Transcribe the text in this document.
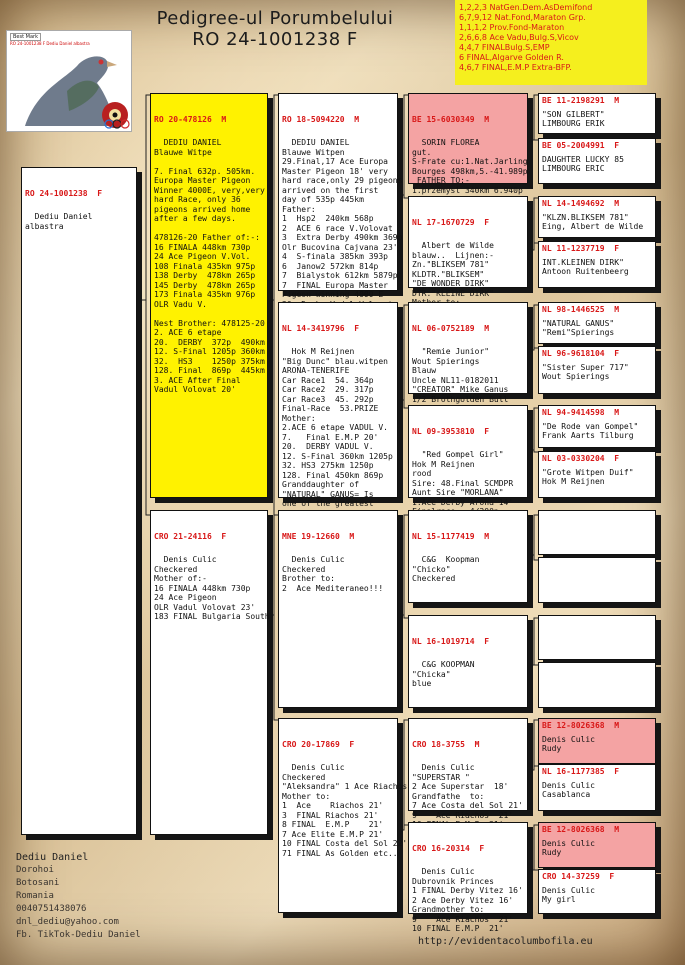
Pedigree-ul Porumbelului
RO 24-1001238 F
Best Mark
RO 24-1001238 F Dediu Daniel albastra
1,2,2,3 NatGen.Dem.AsDemifond
6,7,9,12 Nat.Fond,Maraton Grp.
1,1,1,2 Prov.Fond-Maraton
2,6,6,8 Ace Vadu,Bulg.S,Vicov
4,4,7 FINALBulg.S,EMP
6 FINAL,Algarve Golden R.
4,6,7 FINAL,E.M.P Extra-BFP.

RO 24-1001238  F

Dediu Daniel
albastra

RO 20-478126  M

DEDIU DANIEL
Blauwe Witpe

7. Final 632p. 505km.
Europa Master Pigeon
Winner 4000E, very,very
hard Race, only 36
pigeons arrived home
after a few days.

478126-20 Father of:-:
16 FINALA 448km 730p
24 Ace Pigeon V.Vol.
108 Finala 435km 975p
138 Derby  478km 265p
145 Derby  478km 265p
173 Finala 435km 976p
OLR Vadu V.

Nest Brother: 478125-20
2. ACE 6 etape
20.  DERBY  372p  490km
12. S-Final 1205p 360km
32.  HS3    1250p 375km
128. Final  869p  445km
3. ACE After Final
Vadul Volovat 20'

CRO 21-24116  F

Denis Culic
Checkered
Mother of:-
16 FINALA 448km 730p
24 Ace Pigeon
OLR Vadul Volovat 23'
183 FINAL Bulgaria South

RO 18-5094220  M

DEDIU DANIEL
Blauwe Witpen
29.Final,17 Ace Europa
Master Pigeon 18' very
hard race,only 29 pigeons
arrived on the first
day of 535p 445km
Father:
1  Hsp2  240km 568p
2  ACE 6 race V.Volovat
3  Extra Derby 490km 369p
Olr Bucovina Cajvana 23'
4  S-finala 385km 393p
6  Janow2 572km 814p
7  Bialystok 612km 5879p
7  FINAL Europa Master
Pigeon winning 4000 E

NL 14-3419796  F

Hok M Reijnen
"Big Dunc" blau.witpen
ARONA-TENERIFE
Car Race1  54. 364p
Car Race2  29. 317p
Car Race3  45. 292p
Final-Race  53.PRIZE
Mother:
2.ACE 6 etape VADUL V.
7.   Final E.M.P 20'
20.  DERBY VADUL V.
12. S-Final 360km 1205p
32. HS3 275km 1250p
128. Final 450km 869p
Granddaughter of
"NATURAL" GANUS= Is
one of the greatest

MNE 19-12660  M

Denis Culic
Checkered
Brother to:
2  Ace Mediteraneo!!!

CRO 20-17869  F

Denis Culic
Checkered
"Aleksandra" 1 Ace Riachos
Mother to:
1  Ace    Riachos 21'
3  FINAL Riachos 21'
8 FINAL  E.M.P    21'
7 Ace Elite E.M.P 21'
10 FINAL Costa del Sol 22'
71 FINAL As Golden etc..

BE 15-6030349  M

SORIN FLOREA
gut.
S-Frate cu:1.Nat.Jarling
Bourges 498km,5.-41.989p
FATHER TO:-
1.przemysl 340km 6.940p

NL 17-1670729  F

Albert de Wilde
blauw..  Lijnen:-
Zn."BLIKSEM 781"
KLDTR."BLIKSEM"
"DE WONDER DIRK"
DTR."KLEINE DIRK"

NL 06-0752189  M

"Remie Junior"
Wout Spierings
Blauw
Uncle NL11-0182011
"CREATOR" Mike Ganus
1/2 Brothgolden Bull

NL 09-3953810  F

"Red Gompel Girl"
Hok M Reijnen
rood
Sire: 48.Final SCMDPR
Aunt Sire "MORLANA"
1.Ace Derby Arona 14'

NL 15-1177419  M

C&G  Koopman
"Chicko"
Checkered

NL 16-1019714  F

C&G KOOPMAN
"Chicka"
blue

CRO 18-3755  M

Denis Culic
"SUPERSTAR "
2 Ace Superstar  18'
Grandfathe  to:
7 Ace Costa del Sol 21'
9    Ace Riachos  21'

CRO 16-20314  F

Denis Culic
Dubrovnik Princes
1 FINAL Derby Vitez 16'
2 Ace Derby Vitez 16'
Grandmother to:
9    Ace Riachos  21'
10 FINAL E.M.P  21'

BE 11-2198291  M
"SON GILBERT"
LIMBOURG ERIK
BE 05-2004991  F
DAUGHTER LUCKY 85
LIMBOURG ERIC
NL 14-1494692  M
"KLZN.BLIKSEM 781"
Eing, Albert de Wilde
NL 11-1237719  F
INT.KLEINEN DIRK"
Antoon Ruitenbeerg
NL 98-1446525  M
"NATURAL GANUS"
"Remi"Spierings
NL 96-9618104  F
"Sister Super 717"
Wout Spierings
NL 94-9414598  M
"De Rode van Gompel"
Frank Aarts Tilburg
NL 03-0330204  F
"Grote Witpen Duif"
Hok M Reijnen
BE 12-8026368  M
Denis Culic
Rudy
NL 16-1177385  F
Denis Culic
Casablanca
BE 12-8026368  M
Denis Culic
Rudy
CRO 14-37259  F
Denis Culic
My girl
Dediu Daniel
Dorohoi
Botosani
Romania
0040751438076
dnl_dediu@yahoo.com
Fb. TikTok-Dediu Daniel
http://evidentacolumbofila.eu
